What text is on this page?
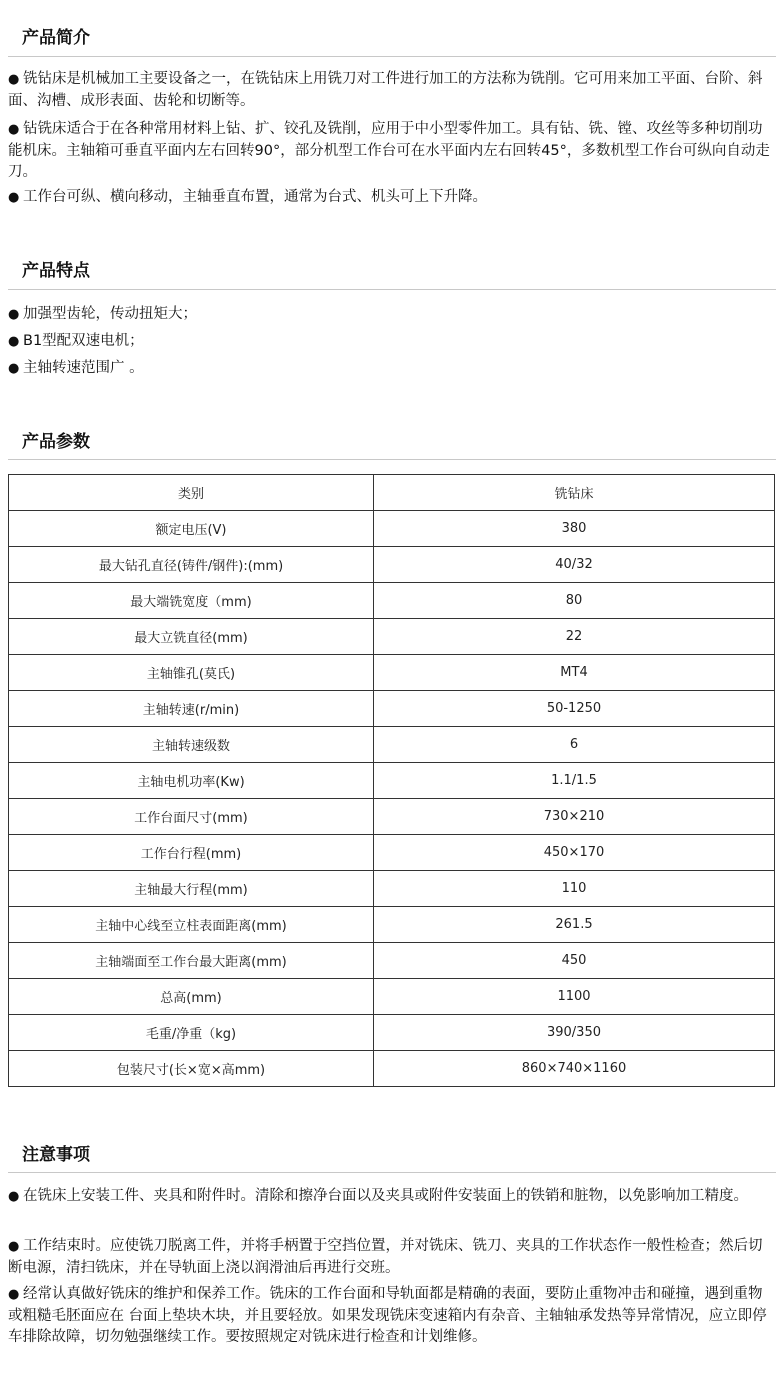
产品简介

● 铣钻床是机械加工主要设备之一，在铣钻床上用铣刀对工件进行加工的方法称为铣削。它可用来加工平面、台阶、斜面、沟槽、成形表面、齿轮和切断等。

● 钻铣床适合于在各种常用材料上钻、扩、铰孔及铣削，应用于中小型零件加工。具有钻、铣、镗、攻丝等多种切削功能机床。主轴箱可垂直平面内左右回转90°，部分机型工作台可在水平面内左右回转45°，多数机型工作台可纵向自动走刀。

● 工作台可纵、横向移动，主轴垂直布置，通常为台式、机头可上下升降。

产品特点

● 加强型齿轮，传动扭矩大；

● B1型配双速电机；

● 主轴转速范围广 。

产品参数
类别	铣钻床
额定电压(V)	380
最大钻孔直径(铸件/钢件):(mm)	40/32
最大端铣宽度（mm)	80
最大立铣直径(mm)	22
主轴锥孔(莫氏)	MT4
主轴转速(r/min)	50-1250
主轴转速级数	6
主轴电机功率(Kw)	1.1/1.5
工作台面尺寸(mm)	730×210
工作台行程(mm)	450×170
主轴最大行程(mm)	110
主轴中心线至立柱表面距离(mm)	261.5
主轴端面至工作台最大距离(mm)	450
总高(mm)	1100
毛重/净重（kg)	390/350
包装尺寸(长×宽×高mm)	860×740×1160
注意事项

● 在铣床上安装工件、夹具和附件时。清除和擦净台面以及夹具或附件安装面上的铁销和脏物，以免影响加工精度。

● 工作结束时。应使铣刀脱离工件，并将手柄置于空挡位置，并对铣床、铣刀、夹具的工作状态作一般性检查；然后切断电源，清扫铣床，并在导轨面上浇以润滑油后再进行交班。

● 经常认真做好铣床的维护和保养工作。铣床的工作台面和导轨面都是精确的表面，要防止重物冲击和碰撞，遇到重物或粗糙毛胚面应在 台面上垫块木块，并且要轻放。如果发现铣床变速箱内有杂音、主轴轴承发热等异常情况，应立即停车排除故障，切勿勉强继续工作。要按照规定对铣床进行检查和计划维修。
